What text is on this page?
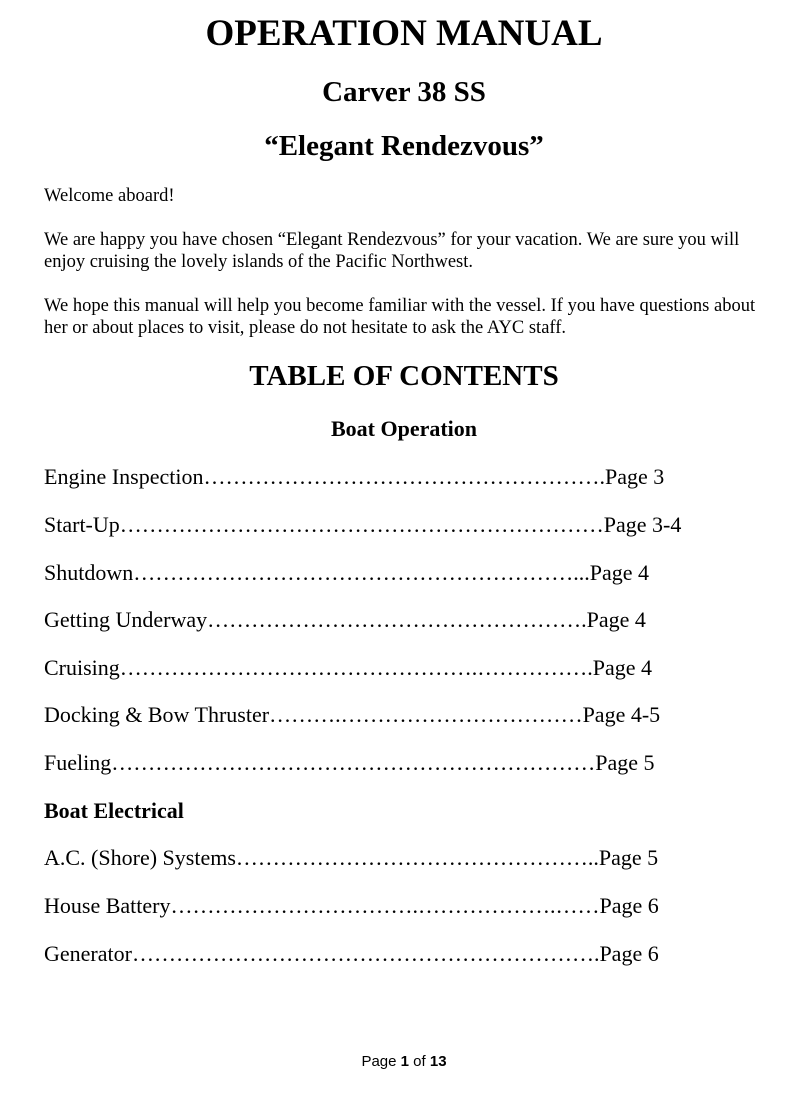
OPERATION MANUAL
Carver 38 SS
“Elegant Rendezvous”

Welcome aboard!

We are happy you have chosen “Elegant Rendezvous” for your vacation. We are sure you will enjoy cruising the lovely islands of the Pacific Northwest.

We hope this manual will help you become familiar with the vessel. If you have questions about her or about places to visit, please do not hesitate to ask the AYC staff.

TABLE OF CONTENTS
Boat Operation

Engine Inspection……………………………………………….Page 3

Start-Up…………………………………………………………Page 3-4

Shutdown……………………………………………………...Page 4

Getting Underway…………………………………………….Page 4

Cruising………………………………………….…………….Page 4

Docking & Bow Thruster……….……………………………Page 4-5

Fueling…………………………………………………………Page 5

Boat Electrical

A.C. (Shore) Systems…………………………………………..Page 5

House Battery…………………………….……………….……Page 6

Generator……………………………………………………….Page 6

Page 1 of 13
